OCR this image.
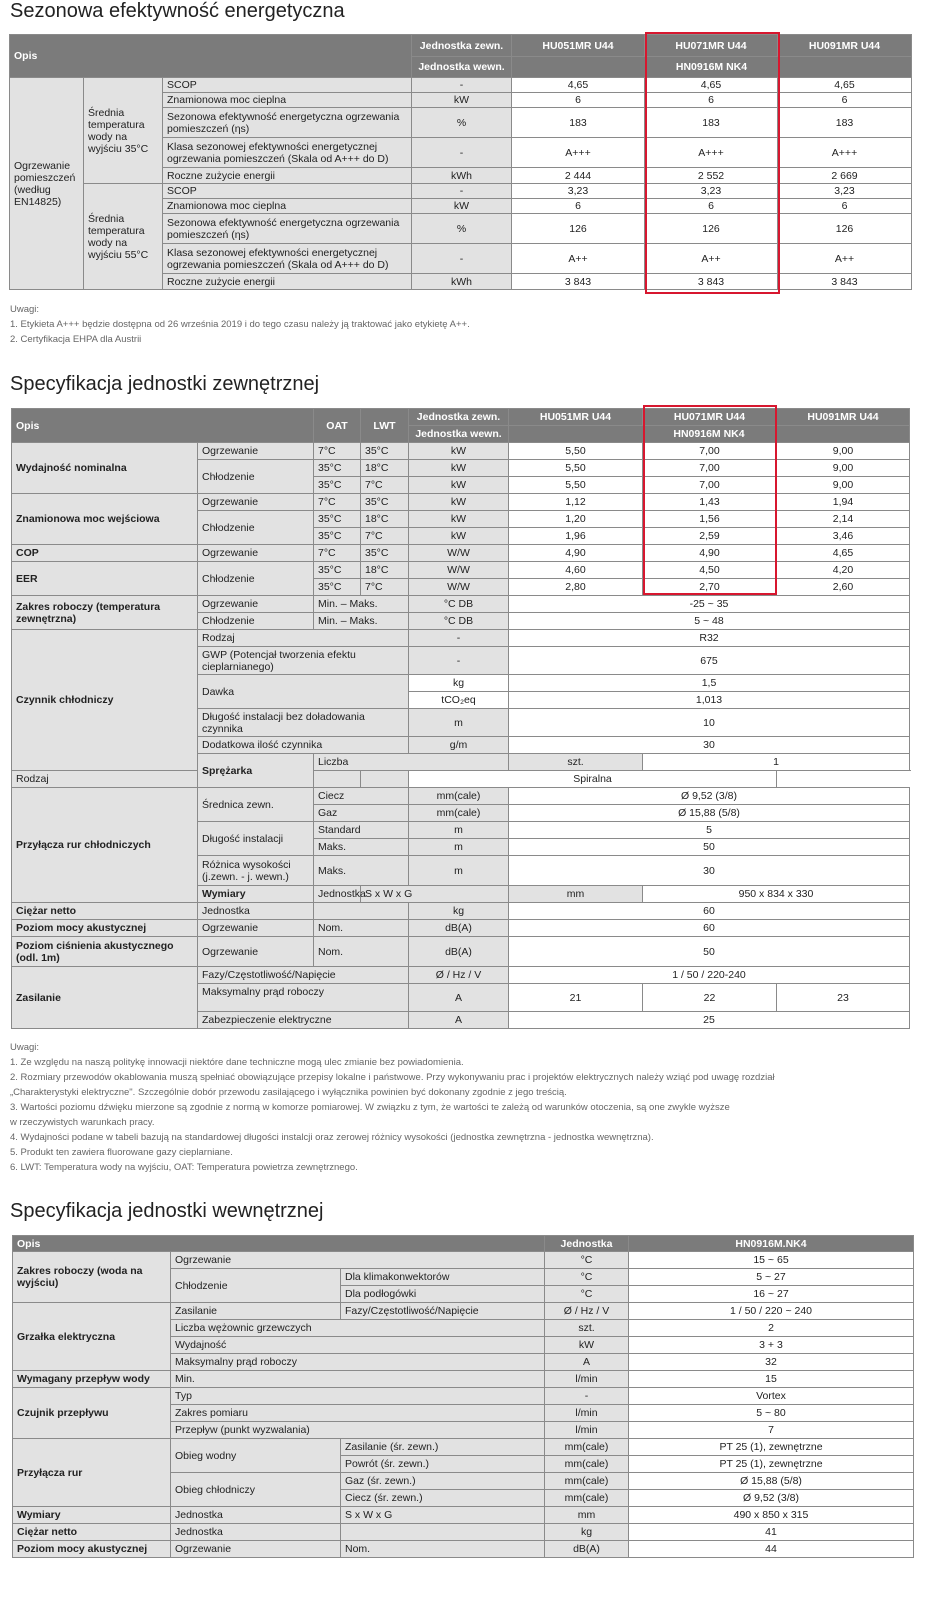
Sezonowa efektywność energetyczna
Opis			Jednostka zewn.	HU051MR U44	HU071MR U44	HU091MR U44
			Jednostka wewn.	HN0916M NK4		
Ogrzewanie pomieszczeń (według EN14825)	Średnia temperatura wody na wyjściu 35°C	SCOP	-	4,65	4,65	4,65
		Znamionowa moc cieplna	kW	6	6	6
		Sezonowa efektywność energetyczna ogrzewania pomieszczeń (ηs)	%	183	183	183
		Klasa sezonowej efektywności energetycznej ogrzewania pomieszczeń (Skala od A+++ do D)	-	A+++	A+++	A+++
		Roczne zużycie energii	kWh	2 444	2 552	2 669
	Średnia temperatura wody na wyjściu 55°C	SCOP	-	3,23	3,23	3,23
		Znamionowa moc cieplna	kW	6	6	6
		Sezonowa efektywność energetyczna ogrzewania pomieszczeń (ηs)	%	126	126	126
		Klasa sezonowej efektywności energetycznej ogrzewania pomieszczeń (Skala od A+++ do D)	-	A++	A++	A++
		Roczne zużycie energii	kWh	3 843	3 843	3 843
Uwagi:
1. Etykieta A+++ będzie dostępna od 26 września 2019 i do tego czasu należy ją traktować jako etykietę A++.
2. Certyfikacja EHPA dla Austrii
Specyfikacja jednostki zewnętrznej
Opis		OAT	LWT	Jednostka zewn.	HU051MR U44	HU071MR U44	HU091MR U44
				Jednostka wewn.	HN0916M NK4		
Wydajność nominalna	Ogrzewanie	7°C	35°C	kW	5,50	7,00	9,00
	Chłodzenie	35°C	18°C	kW	5,50	7,00	9,00
		35°C	7°C	kW	5,50	7,00	9,00
Znamionowa moc wejściowa	Ogrzewanie	7°C	35°C	kW	1,12	1,43	1,94
	Chłodzenie	35°C	18°C	kW	1,20	1,56	2,14
		35°C	7°C	kW	1,96	2,59	3,46
COP	Ogrzewanie	7°C	35°C	W/W	4,90	4,90	4,65
EER	Chłodzenie	35°C	18°C	W/W	4,60	4,50	4,20
		35°C	7°C	W/W	2,80	2,70	2,60
Zakres roboczy (temperatura zewnętrzna)	Ogrzewanie	Min. – Maks.		°C DB	-25 ~ 35		
	Chłodzenie	Min. – Maks.		°C DB	5 ~ 48		
Czynnik chłodniczy	Rodzaj			-	R32		
	GWP (Potencjał tworzenia efektu cieplarnianego)			-	675		
	Dawka			kg	1,5		
				tCO₂eq	1,013		
	Długość instalacji bez doładowania czynnika			m	10		
	Dodatkowa ilość czynnika			g/m	30		
	Sprężarka	Liczba			szt.	1	
Rodzaj				Spiralna			
Przyłącza rur chłodniczych	Średnica zewn.	Ciecz		mm(cale)	Ø 9,52 (3/8)		
		Gaz		mm(cale)	Ø 15,88 (5/8)		
	Długość instalacji	Standard		m	5		
		Maks.		m	50		
	Różnica wysokości (j.zewn. - j. wewn.)	Maks.		m	30		
	Wymiary	Jednostka	S x W x G		mm	950 x 834 x 330	
Ciężar netto	Jednostka			kg	60		
Poziom mocy akustycznej	Ogrzewanie	Nom.		dB(A)	60		
Poziom ciśnienia akustycznego (odl. 1m)	Ogrzewanie	Nom.		dB(A)	50		
Zasilanie	Fazy/Częstotliwość/Napięcie			Ø / Hz / V	1 / 50 / 220-240		
	Maksymalny prąd roboczy			A	21	22	23
	Zabezpieczenie elektryczne			A	25		
Uwagi:
1. Ze względu na naszą politykę innowacji niektóre dane techniczne mogą ulec zmianie bez powiadomienia.
2. Rozmiary przewodów okablowania muszą spełniać obowiązujące przepisy lokalne i państwowe. Przy wykonywaniu prac i projektów elektrycznych należy wziąć pod uwagę rozdział
„Charakterystyki elektryczne". Szczególnie dobór przewodu zasilającego i wyłącznika powinien być dokonany zgodnie z jego treścią.
3. Wartości poziomu dźwięku mierzone są zgodnie z normą w komorze pomiarowej. W związku z tym, że wartości te zależą od warunków otoczenia, są one zwykle wyższe
w rzeczywistych warunkach pracy.
4. Wydajności podane w tabeli bazują na standardowej długości instalcji oraz zerowej różnicy wysokości (jednostka zewnętrzna - jednostka wewnętrzna).
5. Produkt ten zawiera fluorowane gazy cieplarniane.
6. LWT: Temperatura wody na wyjściu, OAT: Temperatura powietrza zewnętrznego.
Specyfikacja jednostki wewnętrznej
Opis			Jednostka	HN0916M.NK4
Zakres roboczy (woda na wyjściu)	Ogrzewanie		°C	15 ~ 65
	Chłodzenie	Dla klimakonwektorów	°C	5 ~ 27
		Dla podłogówki	°C	16 ~ 27
Grzałka elektryczna	Zasilanie	Fazy/Częstotliwość/Napięcie	Ø / Hz / V	1 / 50 / 220 ~ 240
	Liczba wężownic grzewczych		szt.	2
	Wydajność		kW	3 + 3
	Maksymalny prąd roboczy		A	32
Wymagany przepływ wody	Min.		l/min	15
Czujnik przepływu	Typ		-	Vortex
	Zakres pomiaru		l/min	5 ~ 80
	Przepływ (punkt wyzwalania)		l/min	7
Przyłącza rur	Obieg wodny	Zasilanie (śr. zewn.)	mm(cale)	PT 25 (1), zewnętrzne
		Powrót (śr. zewn.)	mm(cale)	PT 25 (1), zewnętrzne
	Obieg chłodniczy	Gaz (śr. zewn.)	mm(cale)	Ø 15,88 (5/8)
		Ciecz (śr. zewn.)	mm(cale)	Ø 9,52 (3/8)
Wymiary	Jednostka	S x W x G	mm	490 x 850 x 315
Ciężar netto	Jednostka		kg	41
Poziom mocy akustycznej	Ogrzewanie	Nom.	dB(A)	44
